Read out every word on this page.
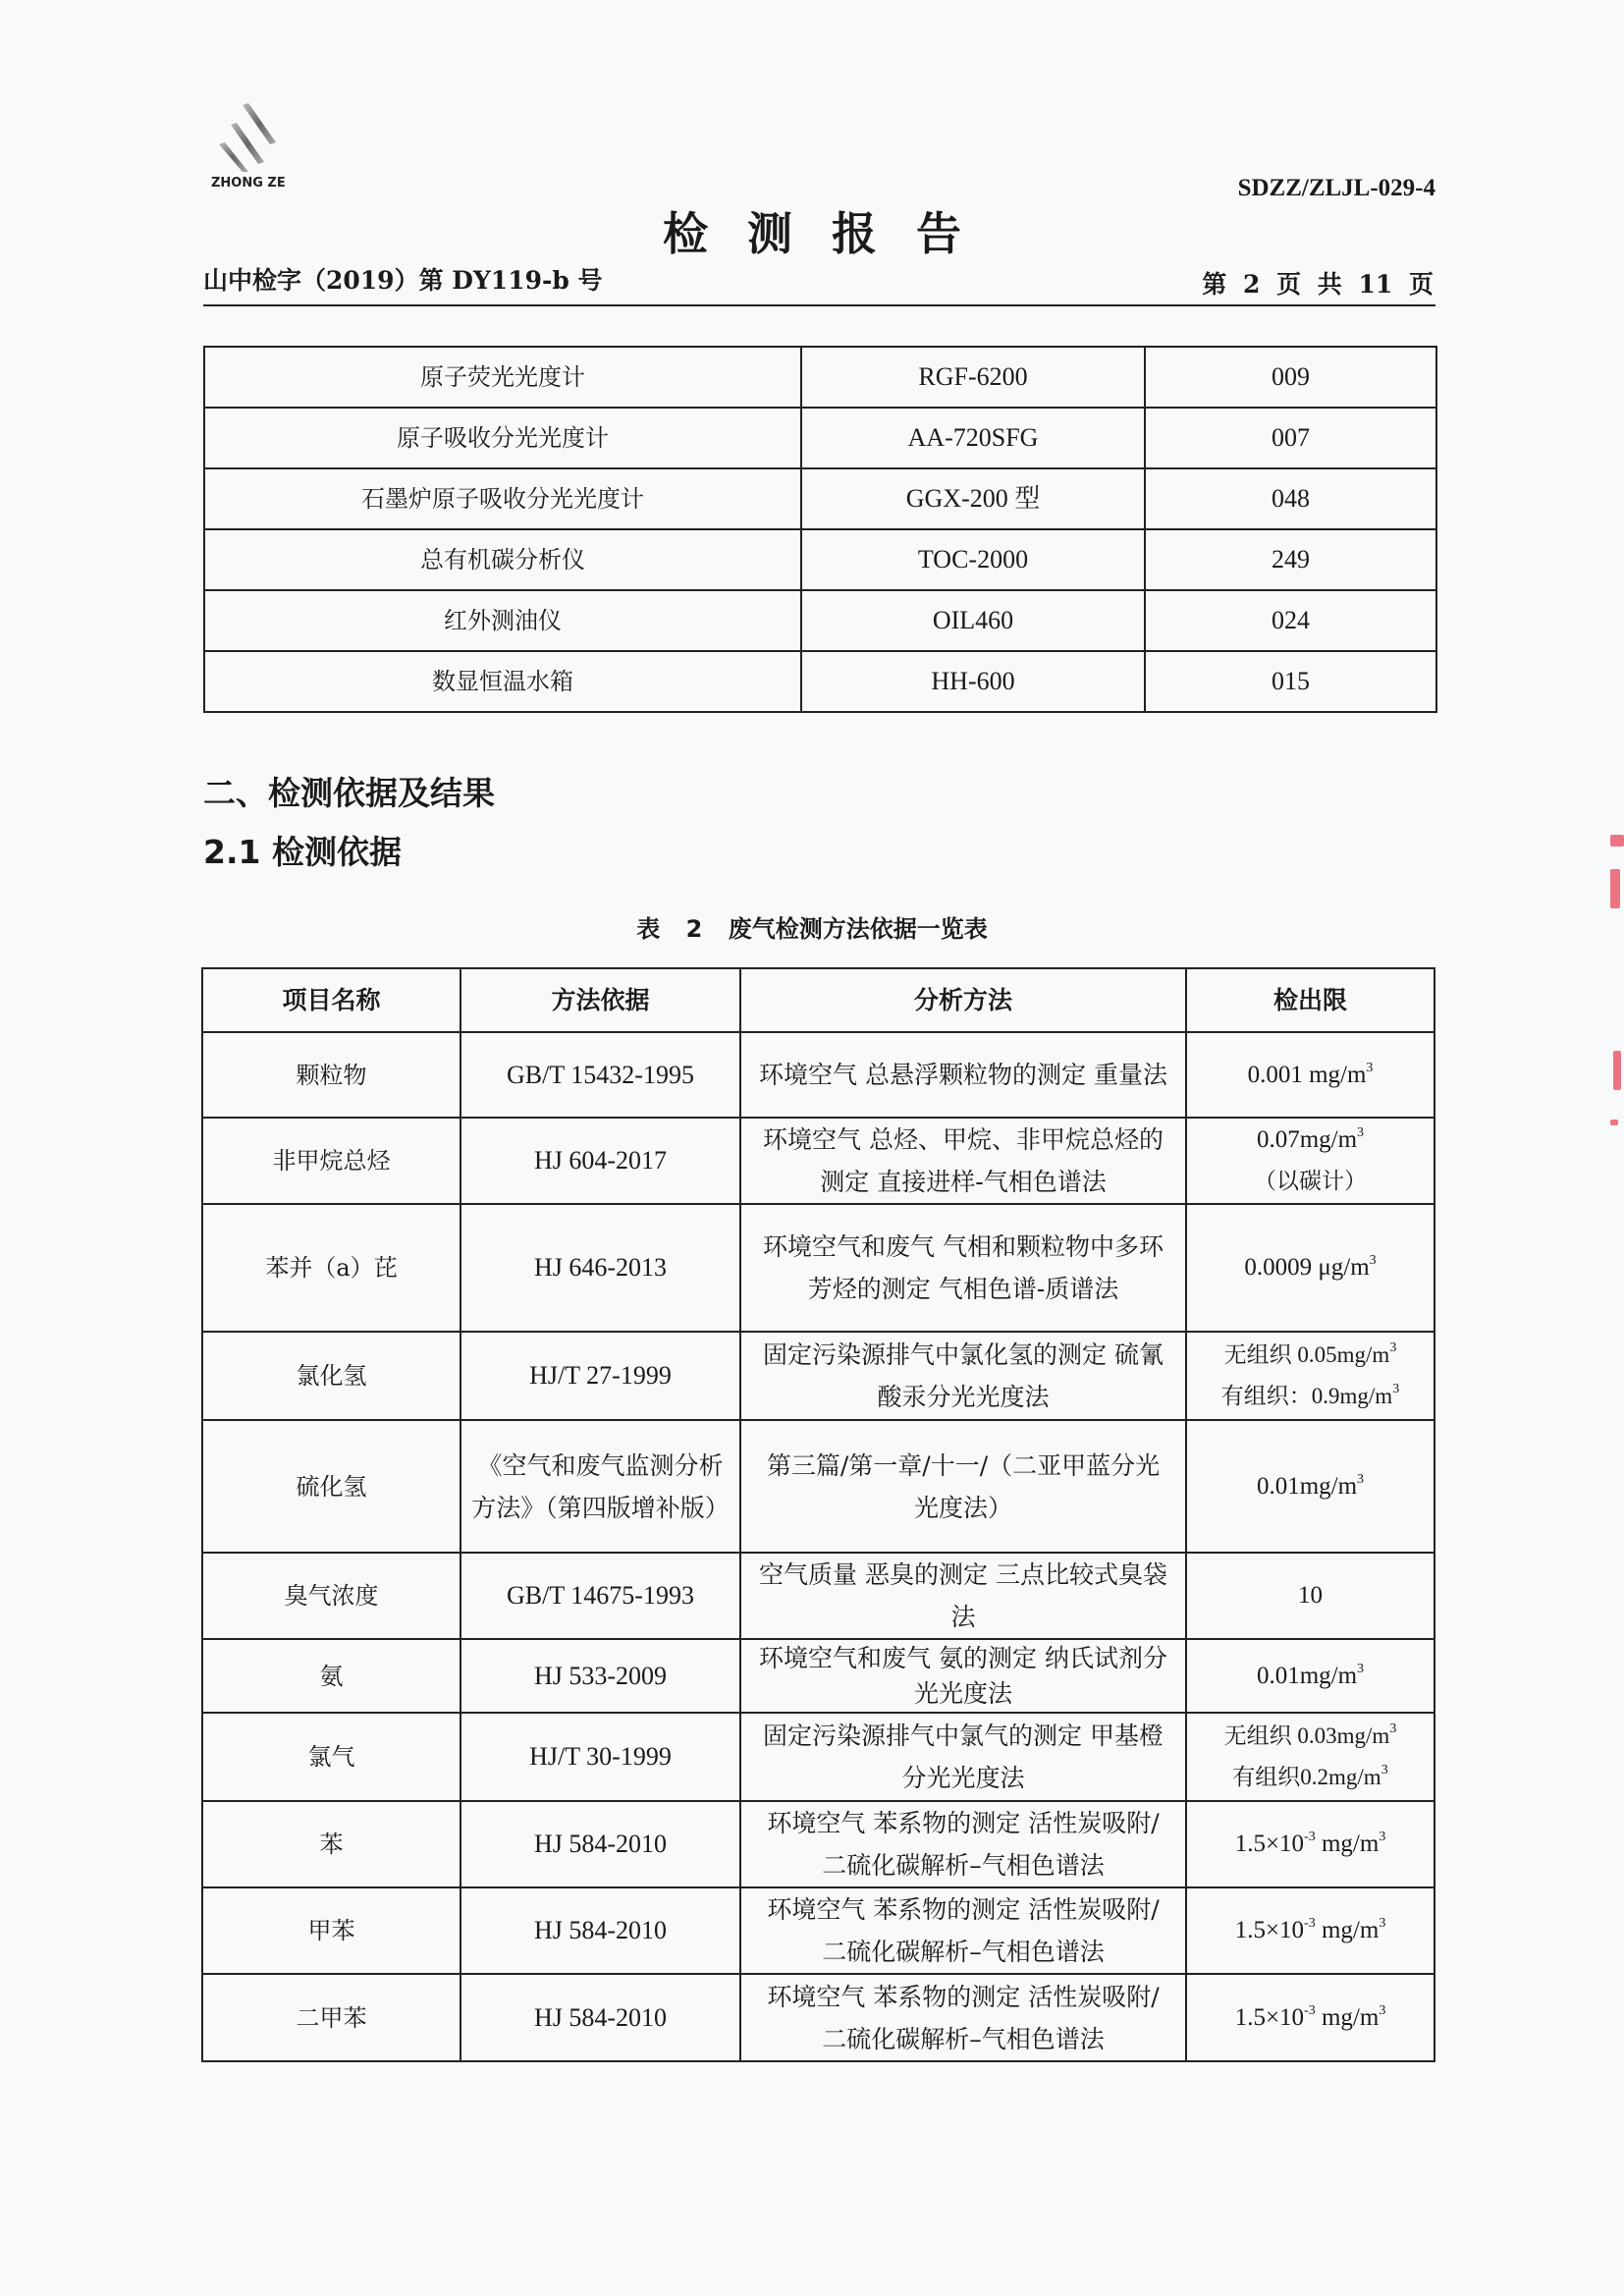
ZHONG ZE	SDZZ/ZLJL-029-4
检测报告
山中检字（2019）第 DY119-b 号	第 2 页 共 11 页
原子荧光光度计	RGF-6200	009
原子吸收分光光度计	AA-720SFG	007
石墨炉原子吸收分光光度计	GGX-200 型	048
总有机碳分析仪	TOC-2000	249
红外测油仪	OIL460	024
数显恒温水箱	HH-600	015
二、检测依据及结果
2.1 检测依据
表 2 废气检测方法依据一览表
项目名称	方法依据	分析方法	检出限
颗粒物	GB/T 15432-1995	环境空气 总悬浮颗粒物的测定 重量法	0.001 $mg/m^3$
非甲烷总烃	HJ 604-2017	环境空气 总烃、甲烷、非甲烷总烃的测定 直接进样-气相色谱法	$0.07mg/m^3$
（以碳计）
苯并（a）芘	HJ 646-2013	环境空气和废气 气相和颗粒物中多环芳烃的测定 气相色谱-质谱法	0.0009 $\mu g/m^3$
氯化氢	HJ/T 27-1999	固定污染源排气中氯化氢的测定 硫氰酸汞分光光度法	无组织 $0.05mg/m^3$
有组织：$0.9mg/m^3$
硫化氢	《空气和废气监测分析方法》（第四版增补版）	第三篇/第一章/十一/（二亚甲蓝分光光度法）	$0.01mg/m^3$
臭气浓度	GB/T 14675-1993	空气质量 恶臭的测定 三点比较式臭袋法	10
氨	HJ 533-2009	环境空气和废气 氨的测定 纳氏试剂分光光度法	$0.01mg/m^3$
氯气	HJ/T 30-1999	固定污染源排气中氯气的测定 甲基橙分光光度法	无组织 $0.03mg/m^3$
有组织$0.2mg/m^3$
苯	HJ 584-2010	环境空气 苯系物的测定 活性炭吸附/二硫化碳解析–气相色谱法	$1.5\times 10^{-3}$ $mg/m^3$
甲苯	HJ 584-2010	环境空气 苯系物的测定 活性炭吸附/二硫化碳解析–气相色谱法	$1.5\times 10^{-3}$ $mg/m^3$
二甲苯	HJ 584-2010	环境空气 苯系物的测定 活性炭吸附/二硫化碳解析–气相色谱法	$1.5\times 10^{-3}$ $mg/m^3$
